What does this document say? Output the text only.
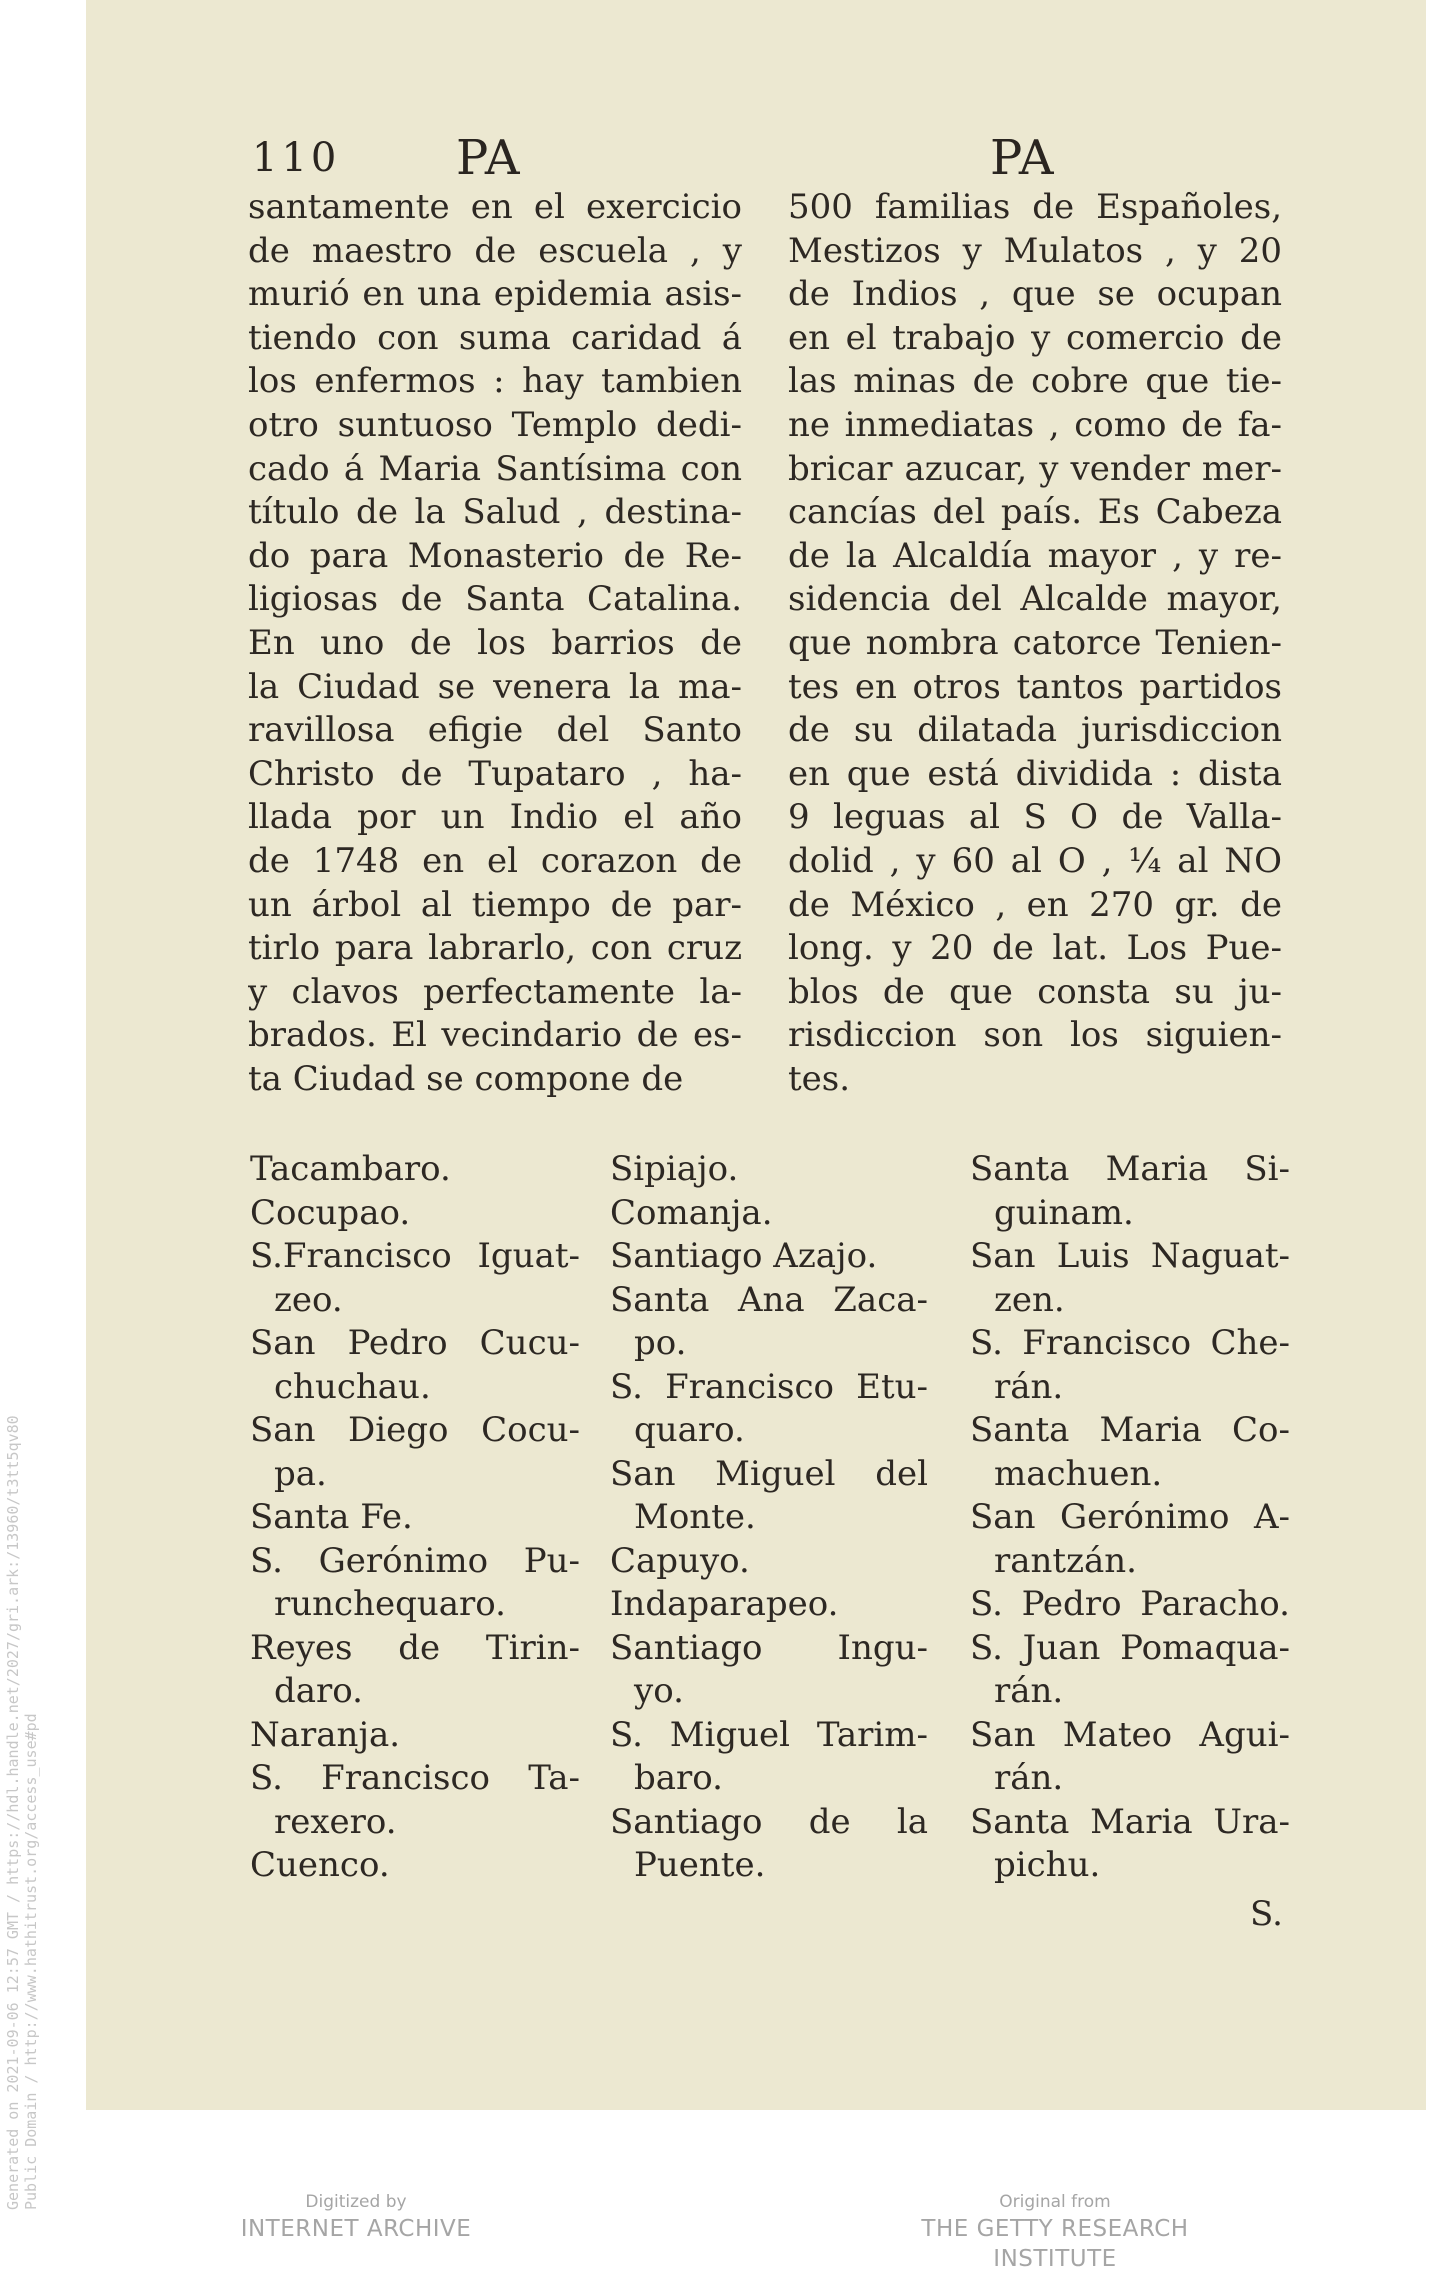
Generated on 2021-09-06 12:57 GMT / https://hdl.handle.net/2027/gri.ark:/13960/t3tt5qv80 Public Domain / http://www.hathitrust.org/access_use#pd
110 PA	PA
santamente en el exercicio
de maestro de escuela , y
murió en una epidemia asis-
tiendo con suma caridad á
los enfermos : hay tambien
otro suntuoso Templo dedi-
cado á Maria Santísima con
título de la Salud , destina-
do para Monasterio de Re-
ligiosas de Santa Catalina.
En uno de los barrios de
la Ciudad se venera la ma-
ravillosa efigie del Santo
Christo de Tupataro , ha-
llada por un Indio el año
de 1748 en el corazon de
un árbol al tiempo de par-
tirlo para labrarlo, con cruz
y clavos perfectamente la-
brados. El vecindario de es-
ta Ciudad se compone de
500 familias de Españoles,
Mestizos y Mulatos , y 20
de Indios , que se ocupan
en el trabajo y comercio de
las minas de cobre que tie-
ne inmediatas , como de fa-
bricar azucar, y vender mer-
cancías del país. Es Cabeza
de la Alcaldía mayor , y re-
sidencia del Alcalde mayor,
que nombra catorce Tenien-
tes en otros tantos partidos
de su dilatada jurisdiccion
en que está dividida : dista
9 leguas al S O de Valla-
dolid , y 60 al O , ¼ al NO
de México , en 270 gr. de
long. y 20 de lat. Los Pue-
blos de que consta su ju-
risdiccion son los siguien-
tes.
Tacambaro.
Cocupao.
S.Francisco Iguat-
zeo.
San Pedro Cucu-
chuchau.
San Diego Cocu-
pa.
Santa Fe.
S. Gerónimo Pu-
runchequaro.
Reyes de Tirin-
daro.
Naranja.
S. Francisco Ta-
rexero.
Cuenco.
Sipiajo.
Comanja.
Santiago Azajo.
Santa Ana Zaca-
po.
S. Francisco Etu-
quaro.
San Miguel del
Monte.
Capuyo.
Indaparapeo.
Santiago Ingu-
yo.
S. Miguel Tarim-
baro.
Santiago de la
Puente.
Santa Maria Si-
guinam.
San Luis Naguat-
zen.
S. Francisco Che-
rán.
Santa Maria Co-
machuen.
San Gerónimo A-
rantzán.
S. Pedro Paracho.
S. Juan Pomaqua-
rán.
San Mateo Agui-
rán.
Santa Maria Ura-
pichu.
S.
Digitized by
INTERNET ARCHIVE
Original from
THE GETTY RESEARCH INSTITUTE
